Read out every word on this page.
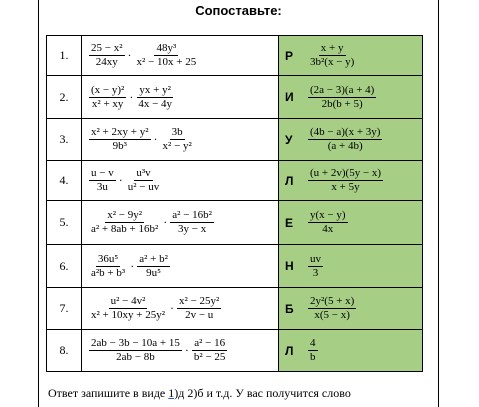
Сопоставьте:
1.	$\frac{\text{25 − x²}}{24xy} \cdot \frac{\text{48y³}}{\text{x² − 10x + 25}}$	Р $\frac{x + y}{\text{3b²(x − y)}}$

2.	$\frac{\text{(x − y)²}}{\text{x² + xy}} \cdot \frac{\text{yx + y²}}{4x - 4y}$	И $\frac{(2a - 3)(a + 4)}{2b(b + 5)}$

3.	$\frac{\text{x² + 2xy + y²}}{\text{9b³}} \cdot \frac{3b}{\text{x² − y²}}$	У $\frac{(4b - a)(x + 3y)}{(a + 4b)}$

4.	$\frac{u - v}{3u} \cdot \frac{\text{u³v}}{\text{u² − uv}}$	Л $\frac{(u + 2v)(5y - x)}{x + 5y}$

5.	$\frac{\text{x² − 9y²}}{\text{a² + 8ab + 16b²}} \cdot \frac{\text{a² − 16b²}}{3y - x}$	Е $\frac{y(x - y)}{4x}$

6.	$\frac{\text{36u⁵}}{\text{a²b + b³}} \cdot \frac{\text{a² + b²}}{\text{9u⁵}}$	Н $\frac{uv}{3}$

7.	$\frac{\text{u² − 4v²}}{\text{x² + 10xy + 25y²}} \cdot \frac{\text{x² − 25y²}}{2v - u}$	Б $\frac{\text{2y²(5 + x)}}{x(5 - x)}$

8.	$\frac{2ab - 3b - 10a + 15}{2ab - 8b} \cdot \frac{\text{a² − 16}}{\text{b² − 25}}$	Л $\frac{4}{b}$
Ответ запишите в виде 1)д 2)б и т.д. У вас получится слово
